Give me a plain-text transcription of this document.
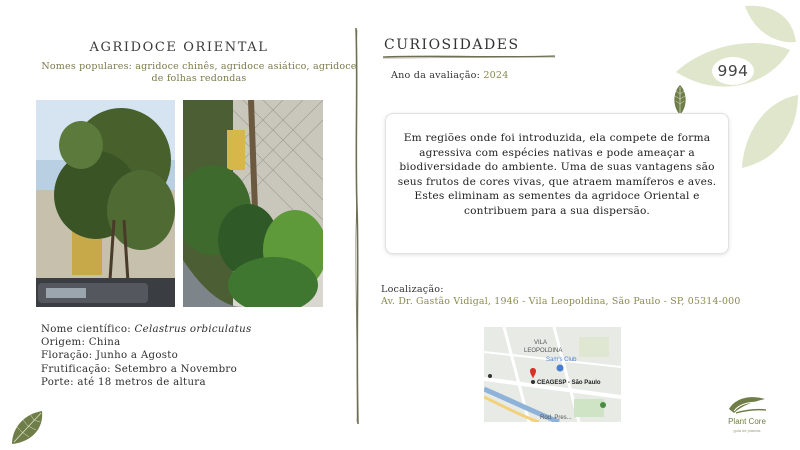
AGRIDOCE ORIENTAL
Nomes populares: agridoce chinês, agridoce asiático, agridoce de folhas redondas
Nome científico: Celastrus orbiculatus
Origem: China
Floração: Junho a Agosto
Frutificação: Setembro a Novembro
Porte: até 18 metros de altura
CURIOSIDADES
Ano da avaliação: 2024	994

Em regiões onde foi introduzida, ela compete de forma agressiva com espécies nativas e pode ameaçar a biodiversidade do ambiente. Uma de suas vantagens são seus frutos de cores vivas, que atraem mamíferos e aves. Estes eliminam as sementes da agridoce Oriental e contribuem para a sua dispersão.

Localização:
Av. Dr. Gastão Vidigal, 1946 - Vila Leopoldina, São Paulo - SP, 05314-000
VILA
LEOPOLDINA
Sam's Club
CEAGESP - São Paulo
Rod. Pres...	Plant Core
guia de plantas
